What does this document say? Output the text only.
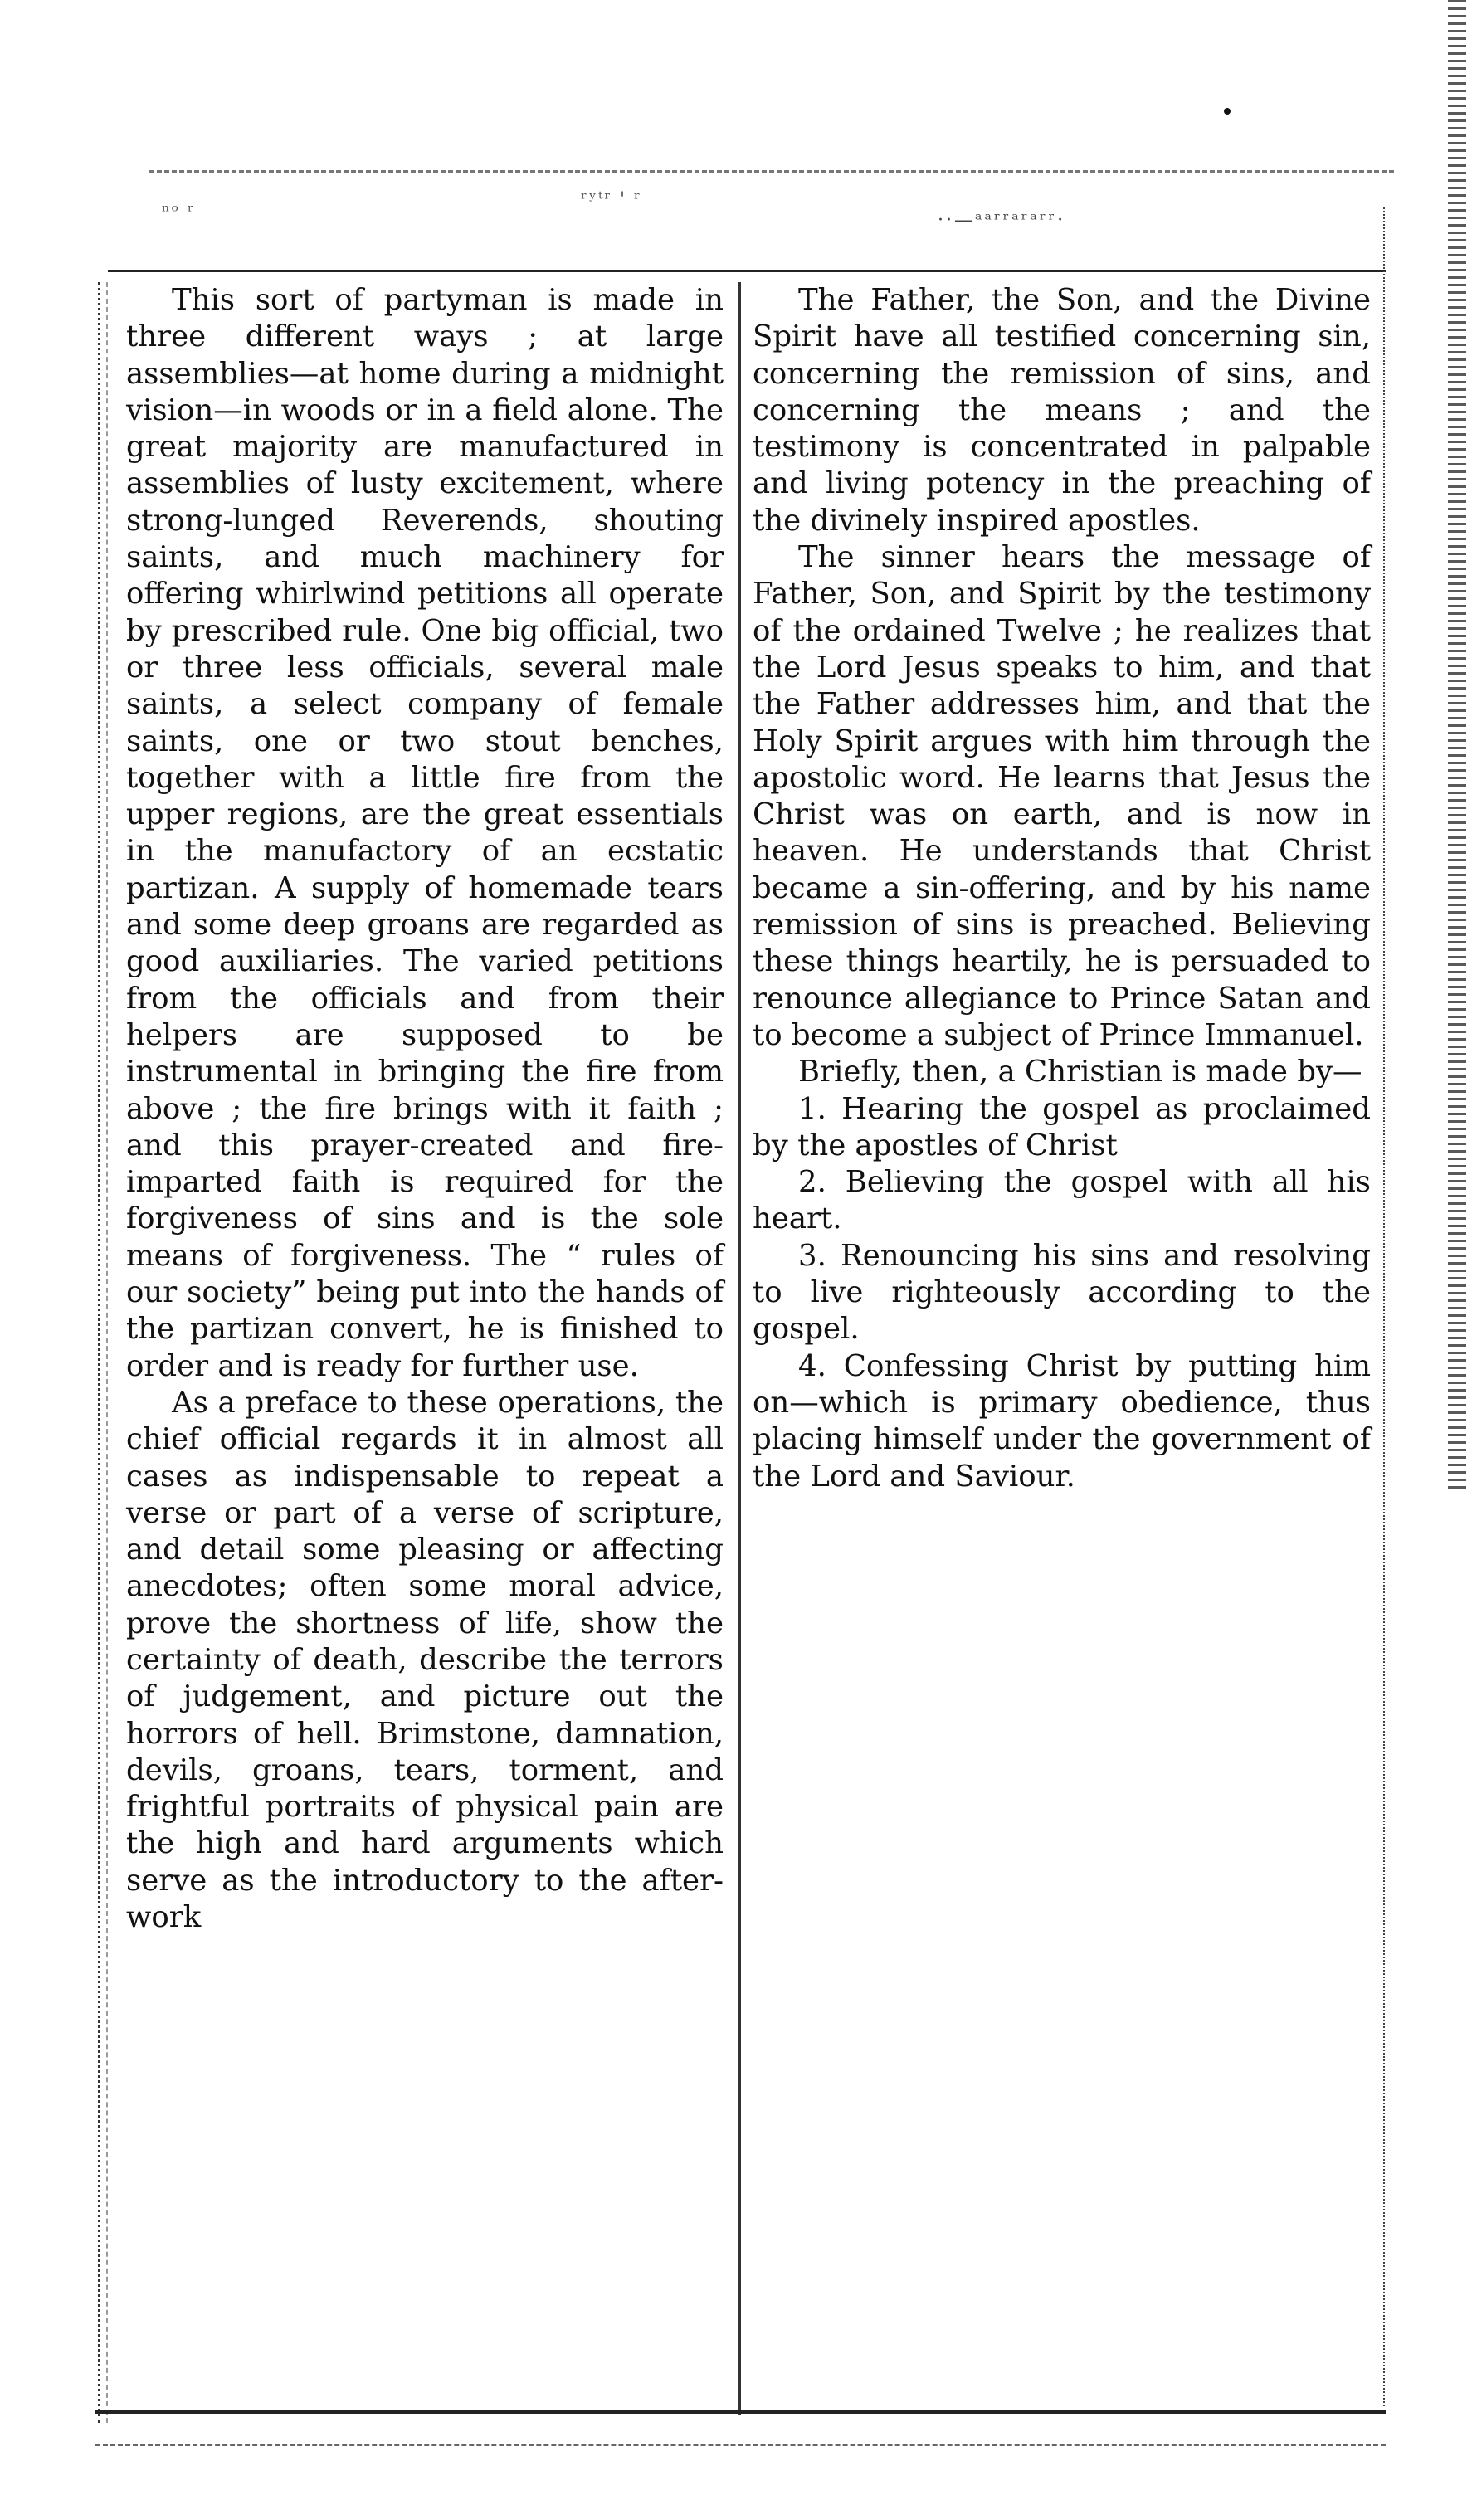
ⁿᵒ ʳ
ʳʸᵗʳ ' ʳ
··—ᵃᵃʳʳᵃʳᵃʳʳ·

This sort of partyman is made in three different ways ; at large assemblies—at home during a midnight vision—in woods or in a field alone. The great majority are manufactured in assemblies of lusty excitement, where strong-lunged Reverends, shouting saints, and much machinery for offering whirlwind petitions all operate by prescribed rule. One big official, two or three less officials, several male saints, a select company of female saints, one or two stout benches, together with a little fire from the upper regions, are the great essentials in the manufactory of an ecstatic partizan. A supply of homemade tears and some deep groans are regarded as good auxiliaries. The varied petitions from the officials and from their helpers are supposed to be instrumental in bringing the fire from above ; the fire brings with it faith ; and this prayer-created and fire-imparted faith is required for the forgiveness of sins and is the sole means of forgiveness. The “ rules of our society” being put into the hands of the partizan convert, he is finished to order and is ready for further use.

As a preface to these operations, the chief official regards it in almost all cases as indispensable to repeat a verse or part of a verse of scripture, and detail some pleasing or affecting anecdotes; often some moral advice, prove the shortness of life, show the certainty of death, describe the terrors of judgement, and picture out the horrors of hell. Brimstone, damnation, devils, groans, tears, torment, and frightful portraits of physical pain are the high and hard arguments which serve as the introductory to the after-work

The Father, the Son, and the Divine Spirit have all testified concerning sin, concerning the remission of sins, and concerning the means ; and the testimony is concentrated in palpable and living potency in the preaching of the divinely inspired apostles.

The sinner hears the message of Father, Son, and Spirit by the testimony of the ordained Twelve ; he realizes that the Lord Jesus speaks to him, and that the Father addresses him, and that the Holy Spirit argues with him through the apostolic word. He learns that Jesus the Christ was on earth, and is now in heaven. He understands that Christ became a sin-offering, and by his name remission of sins is preached. Believing these things heartily, he is persuaded to renounce allegiance to Prince Satan and to become a subject of Prince Immanuel.

Briefly, then, a Christian is made by—

1. Hearing the gospel as proclaimed by the apostles of Christ

2. Believing the gospel with all his heart.

3. Renouncing his sins and resolving to live righteously according to the gospel.

4. Confessing Christ by putting him on—which is primary obedience, thus placing himself under the government of the Lord and Saviour.
